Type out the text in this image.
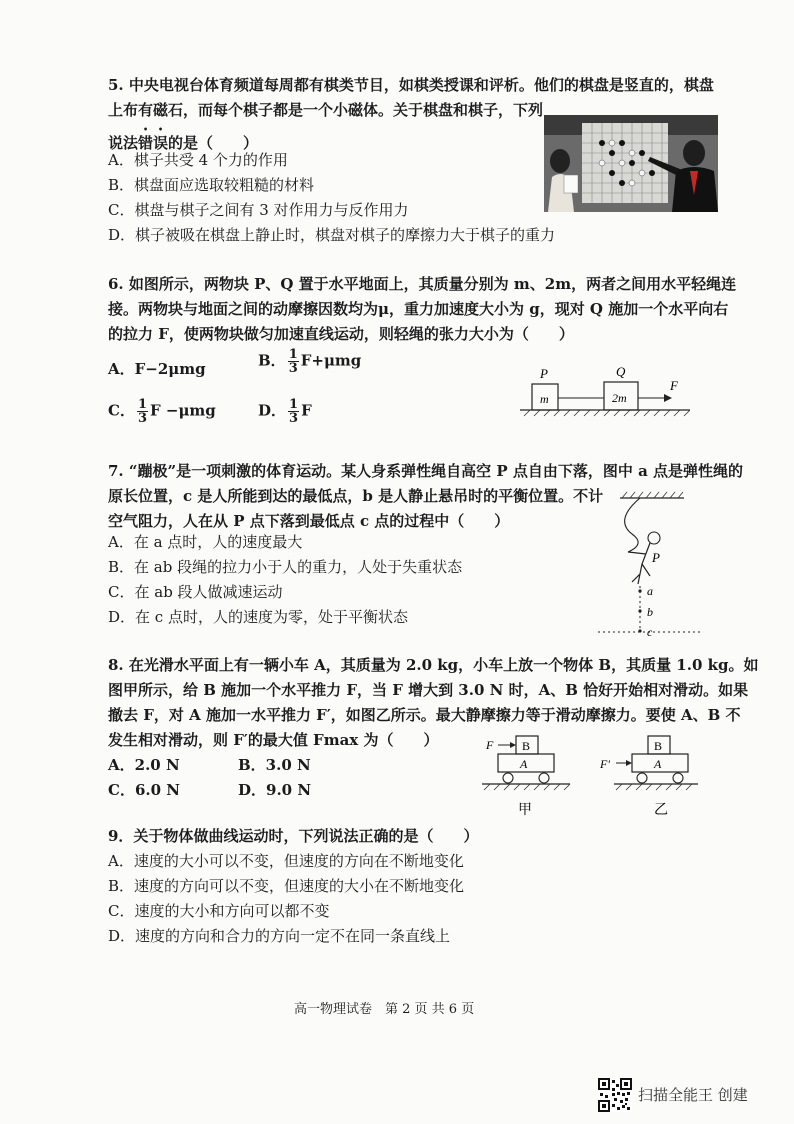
5. 中央电视台体育频道每周都有棋类节目，如棋类授课和评析。他们的棋盘是竖直的，棋盘
上布有磁石，而每个棋子都是一个小磁体。关于棋盘和棋子，下列
说法错误的是（　　）
A．棋子共受 4 个力的作用
B．棋盘面应选取较粗糙的材料
C．棋盘与棋子之间有 3 对作用力与反作用力
D．棋子被吸在棋盘上静止时，棋盘对棋子的摩擦力大于棋子的重力
6. 如图所示，两物块 P、Q 置于水平地面上，其质量分别为 m、2m，两者之间用水平轻绳连
接。两物块与地面之间的动摩擦因数均为μ，重力加速度大小为 g，现对 Q 施加一个水平向右
的拉力 F，使两物块做匀加速直线运动，则轻绳的张力大小为（　　）
A．F−2μmg	B． $\frac{1}{3} F+\mu mg$
C． $\frac{1}{3}$ F −μmg	D． $\frac{1}{3}$ F
P	Q
m	2m
F
7. “蹦极”是一项刺激的体育运动。某人身系弹性绳自高空 P 点自由下落，图中 a 点是弹性绳的
原长位置，c 是人所能到达的最低点，b 是人静止悬吊时的平衡位置。不计
空气阻力，人在从 P 点下落到最低点 c 点的过程中（　　）
A．在 a 点时，人的速度最大
B．在 ab 段绳的拉力小于人的重力，人处于失重状态
C．在 ab 段人做减速运动
D．在 c 点时，人的速度为零，处于平衡状态
P
a
b
c
8. 在光滑水平面上有一辆小车 A，其质量为 2.0 kg，小车上放一个物体 B，其质量 1.0 kg。如
图甲所示，给 B 施加一个水平推力 F，当 F 增大到 3.0 N 时，A、B 恰好开始相对滑动。如果
撤去 F，对 A 施加一水平推力 F′，如图乙所示。最大静摩擦力等于滑动摩擦力。要使 A、B 不
发生相对滑动，则 F′的最大值 Fmax 为（　　）
A．2.0 N	B．3.0 N
C．6.0 N	D．9.0 N
F B
A
甲
F′
B
A
乙
9．关于物体做曲线运动时，下列说法正确的是（　　）
A．速度的大小可以不变，但速度的方向在不断地变化
B．速度的方向可以不变，但速度的大小在不断地变化
C．速度的大小和方向可以都不变
D．速度的方向和合力的方向一定不在同一条直线上
高一物理试卷　第 2 页 共 6 页
扫描全能王 创建
